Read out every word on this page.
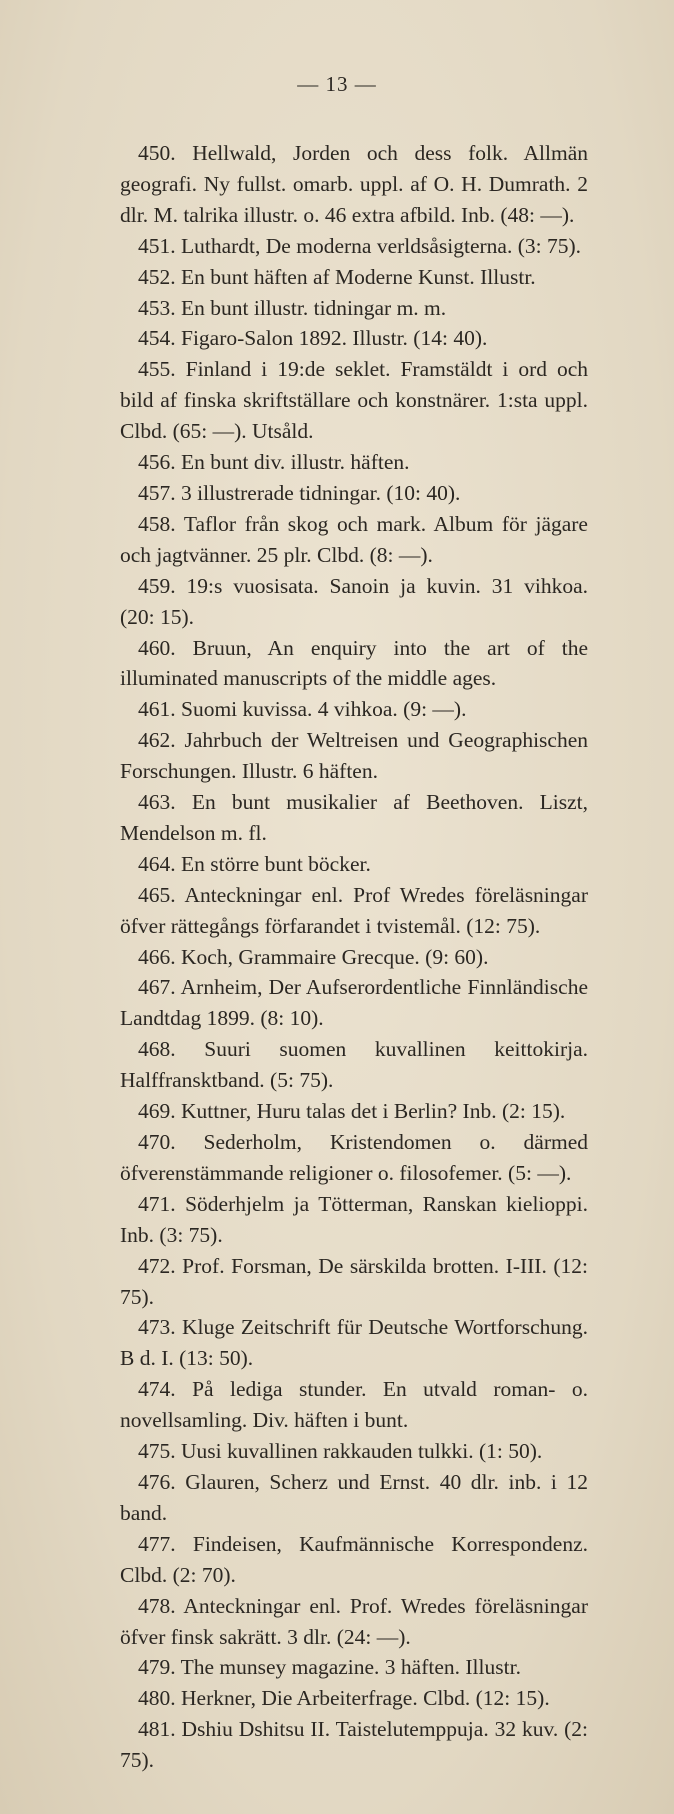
— 13 —

450. Hellwald, Jorden och dess folk. Allmän geografi. Ny fullst. omarb. uppl. af O. H. Dumrath. 2 dlr. M. talrika illustr. o. 46 extra afbild. Inb. (48: —).

451. Luthardt, De moderna verldsåsigterna. (3: 75).

452. En bunt häften af Moderne Kunst. Illustr.

453. En bunt illustr. tidningar m. m.

454. Figaro-Salon 1892. Illustr. (14: 40).

455. Finland i 19:de seklet. Framstäldt i ord och bild af finska skriftställare och konstnärer. 1:sta uppl. Clbd. (65: —). Utsåld.

456. En bunt div. illustr. häften.

457. 3 illustrerade tidningar. (10: 40).

458. Taflor från skog och mark. Album för jägare och jagtvänner. 25 plr. Clbd. (8: —).

459. 19:s vuosisata. Sanoin ja kuvin. 31 vihkoa. (20: 15).

460. Bruun, An enquiry into the art of the illuminated manuscripts of the middle ages.

461. Suomi kuvissa. 4 vihkoa. (9: —).

462. Jahrbuch der Weltreisen und Geographischen Forschungen. Illustr. 6 häften.

463. En bunt musikalier af Beethoven. Liszt, Mendelson m. fl.

464. En större bunt böcker.

465. Anteckningar enl. Prof Wredes föreläsningar öfver rättegångs förfarandet i tvistemål. (12: 75).

466. Koch, Grammaire Grecque. (9: 60).

467. Arnheim, Der Aufserordentliche Finnländische Landtdag 1899. (8: 10).

468. Suuri suomen kuvallinen keittokirja. Halffransktband. (5: 75).

469. Kuttner, Huru talas det i Berlin? Inb. (2: 15).

470. Sederholm, Kristendomen o. därmed öfverenstämmande religioner o. filosofemer. (5: —).

471. Söderhjelm ja Tötterman, Ranskan kielioppi. Inb. (3: 75).

472. Prof. Forsman, De särskilda brotten. I-III. (12: 75).

473. Kluge Zeitschrift für Deutsche Wortforschung. B d. I. (13: 50).

474. På lediga stunder. En utvald roman- o. novellsamling. Div. häften i bunt.

475. Uusi kuvallinen rakkauden tulkki. (1: 50).

476. Glauren, Scherz und Ernst. 40 dlr. inb. i 12 band.

477. Findeisen, Kaufmännische Korrespondenz. Clbd. (2: 70).

478. Anteckningar enl. Prof. Wredes föreläsningar öfver finsk sakrätt. 3 dlr. (24: —).

479. The munsey magazine. 3 häften. Illustr.

480. Herkner, Die Arbeiterfrage. Clbd. (12: 15).

481. Dshiu Dshitsu II. Taistelutemppuja. 32 kuv. (2: 75).
